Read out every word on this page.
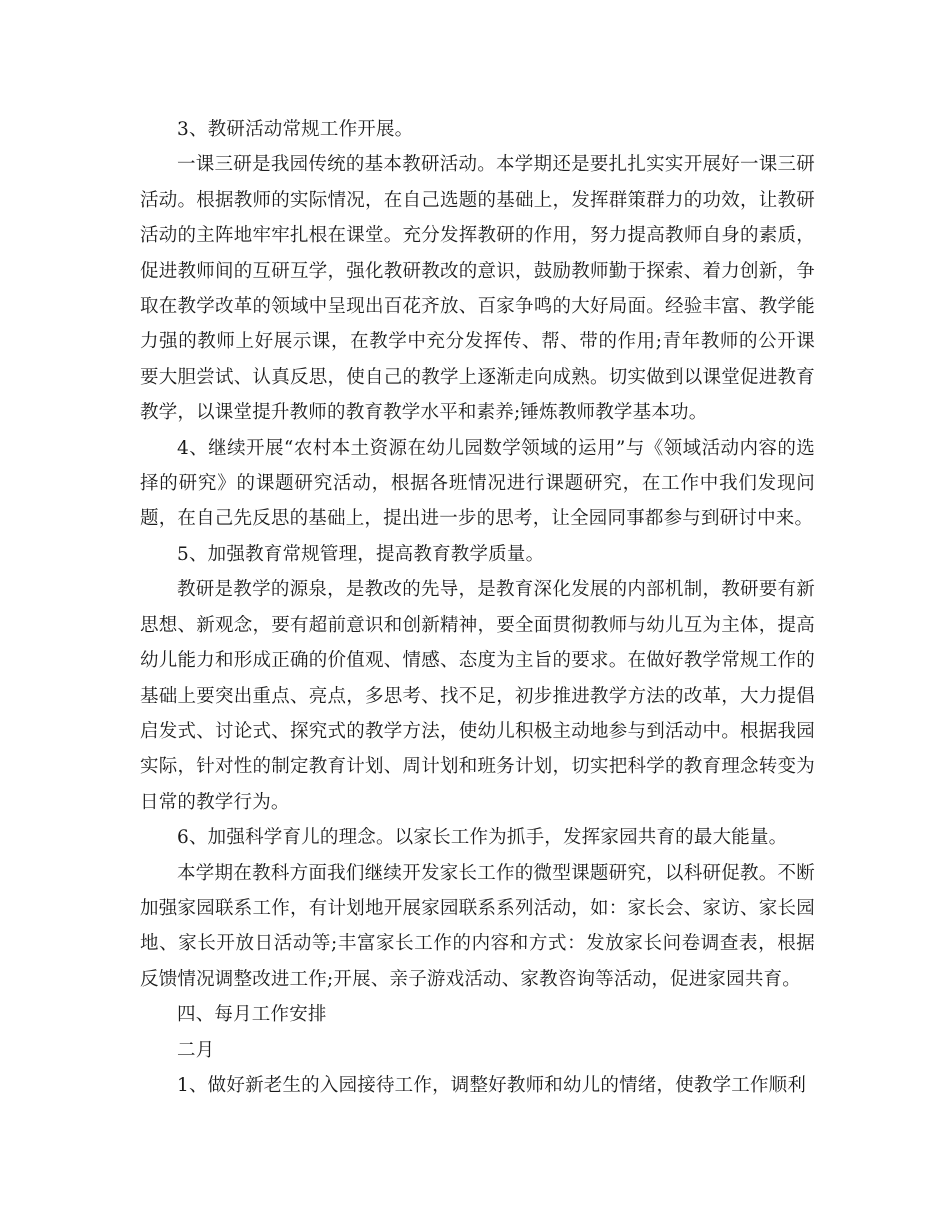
3、教研活动常规工作开展。

一课三研是我园传统的基本教研活动。本学期还是要扎扎实实开展好一课三研活动。根据教师的实际情况，在自己选题的基础上，发挥群策群力的功效，让教研活动的主阵地牢牢扎根在课堂。充分发挥教研的作用，努力提高教师自身的素质，促进教师间的互研互学，强化教研教改的意识，鼓励教师勤于探索、着力创新，争取在教学改革的领域中呈现出百花齐放、百家争鸣的大好局面。经验丰富、教学能力强的教师上好展示课，在教学中充分发挥传、帮、带的作用;青年教师的公开课要大胆尝试、认真反思，使自己的教学上逐渐走向成熟。切实做到以课堂促进教育教学，以课堂提升教师的教育教学水平和素养;锤炼教师教学基本功。

4、继续开展“农村本土资源在幼儿园数学领域的运用”与《领域活动内容的选择的研究》的课题研究活动，根据各班情况进行课题研究，在工作中我们发现问题，在自己先反思的基础上，提出进一步的思考，让全园同事都参与到研讨中来。

5、加强教育常规管理，提高教育教学质量。

教研是教学的源泉，是教改的先导，是教育深化发展的内部机制，教研要有新思想、新观念，要有超前意识和创新精神，要全面贯彻教师与幼儿互为主体，提高幼儿能力和形成正确的价值观、情感、态度为主旨的要求。在做好教学常规工作的基础上要突出重点、亮点，多思考、找不足，初步推进教学方法的改革，大力提倡启发式、讨论式、探究式的教学方法，使幼儿积极主动地参与到活动中。根据我园实际，针对性的制定教育计划、周计划和班务计划，切实把科学的教育理念转变为日常的教学行为。

6、加强科学育儿的理念。以家长工作为抓手，发挥家园共育的最大能量。

本学期在教科方面我们继续开发家长工作的微型课题研究，以科研促教。不断加强家园联系工作，有计划地开展家园联系系列活动，如：家长会、家访、家长园地、家长开放日活动等;丰富家长工作的内容和方式：发放家长问卷调查表，根据反馈情况调整改进工作;开展、亲子游戏活动、家教咨询等活动，促进家园共育。

四、每月工作安排

二月

1、做好新老生的入园接待工作，调整好教师和幼儿的情绪，使教学工作顺利
